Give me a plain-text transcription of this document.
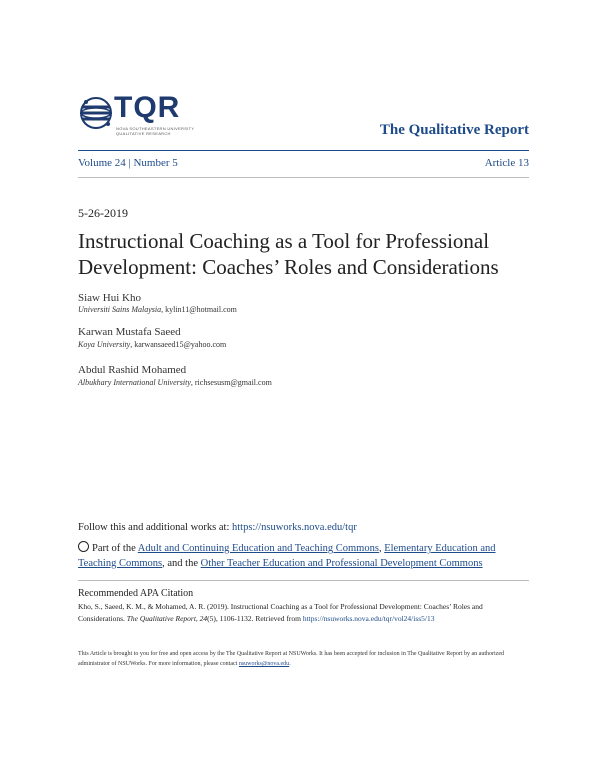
TQR
NOVA SOUTHEASTERN UNIVERSITY QUALITATIVE RESEARCH	The Qualitative Report
Volume 24 | Number 5	Article 13
5-26-2019
Instructional Coaching as a Tool for Professional Development: Coaches’ Roles and Considerations
Siaw Hui Kho
Universiti Sains Malaysia, kylin11@hotmail.com
Karwan Mustafa Saeed
Koya University, karwansaeed15@yahoo.com
Abdul Rashid Mohamed
Albukhary International University, richsesusm@gmail.com
Follow this and additional works at: https://nsuworks.nova.edu/tqr
Part of the Adult and Continuing Education and Teaching Commons, Elementary Education and Teaching Commons, and the Other Teacher Education and Professional Development Commons
Recommended APA Citation
Kho, S., Saeed, K. M., & Mohamed, A. R. (2019). Instructional Coaching as a Tool for Professional Development: Coaches’ Roles and Considerations. The Qualitative Report, 24(5), 1106-1132. Retrieved from https://nsuworks.nova.edu/tqr/vol24/iss5/13
This Article is brought to you for free and open access by the The Qualitative Report at NSUWorks. It has been accepted for inclusion in The Qualitative Report by an authorized administrator of NSUWorks. For more information, please contact nsuworks@nova.edu.
